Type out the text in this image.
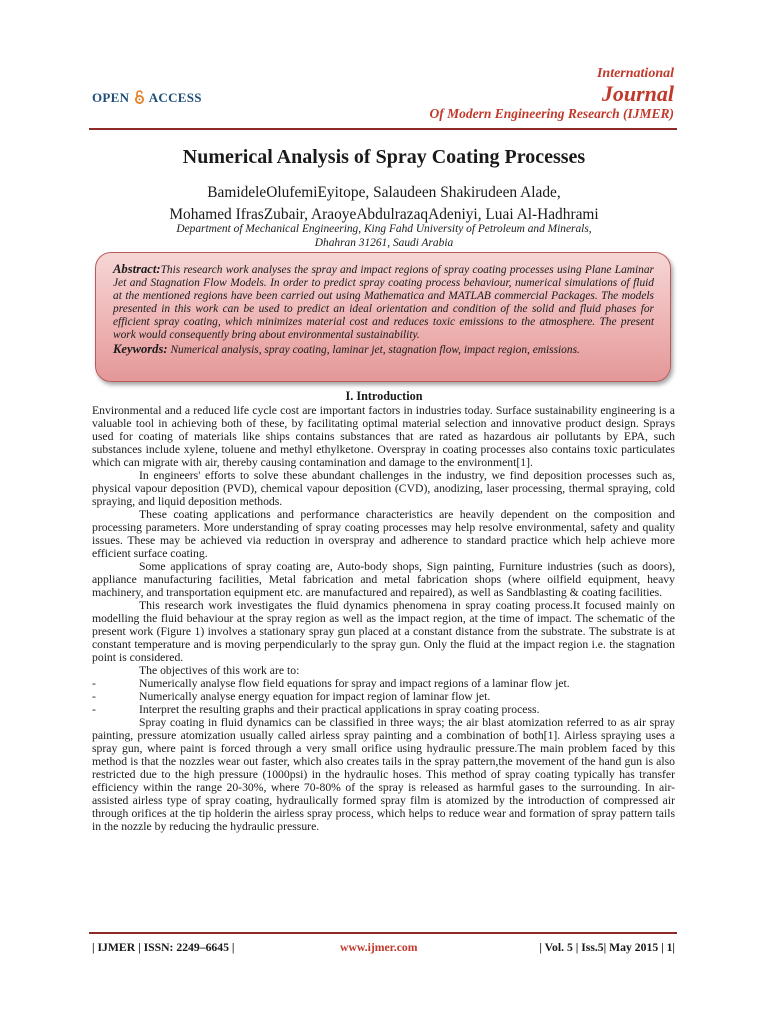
OPEN ACCESS
International
Journal
Of Modern Engineering Research (IJMER)
Numerical Analysis of Spray Coating Processes
BamideleOlufemiEyitope, Salaudeen Shakirudeen Alade,
Mohamed IfrasZubair, AraoyeAbdulrazaqAdeniyi, Luai Al-Hadhrami
Department of Mechanical Engineering, King Fahd University of Petroleum and Minerals,
Dhahran 31261, Saudi Arabia
Abstract:This research work analyses the spray and impact regions of spray coating processes using Plane Laminar Jet and Stagnation Flow Models. In order to predict spray coating process behaviour, numerical simulations of fluid at the mentioned regions have been carried out using Mathematica and MATLAB commercial Packages. The models presented in this work can be used to predict an ideal orientation and condition of the solid and fluid phases for efficient spray coating, which minimizes material cost and reduces toxic emissions to the atmosphere. The present work would consequently bring about environmental sustainability.
Keywords: Numerical analysis, spray coating, laminar jet, stagnation flow, impact region, emissions.
I. Introduction

Environmental and a reduced life cycle cost are important factors in industries today. Surface sustainability engineering is a valuable tool in achieving both of these, by facilitating optimal material selection and innovative product design. Sprays used for coating of materials like ships contains substances that are rated as hazardous air pollutants by EPA, such substances include xylene, toluene and methyl ethylketone. Overspray in coating processes also contains toxic particulates which can migrate with air, thereby causing contamination and damage to the environment[1].

In engineers' efforts to solve these abundant challenges in the industry, we find deposition processes such as, physical vapour deposition (PVD), chemical vapour deposition (CVD), anodizing, laser processing, thermal spraying, cold spraying, and liquid deposition methods.

These coating applications and performance characteristics are heavily dependent on the composition and processing parameters. More understanding of spray coating processes may help resolve environmental, safety and quality issues. These may be achieved via reduction in overspray and adherence to standard practice which help achieve more efficient surface coating.

Some applications of spray coating are, Auto-body shops, Sign painting, Furniture industries (such as doors), appliance manufacturing facilities, Metal fabrication and metal fabrication shops (where oilfield equipment, heavy machinery, and transportation equipment etc. are manufactured and repaired), as well as Sandblasting & coating facilities.

This research work investigates the fluid dynamics phenomena in spray coating process.It focused mainly on modelling the fluid behaviour at the spray region as well as the impact region, at the time of impact. The schematic of the present work (Figure 1) involves a stationary spray gun placed at a constant distance from the substrate. The substrate is at constant temperature and is moving perpendicularly to the spray gun. Only the fluid at the impact region i.e. the stagnation point is considered.

The objectives of this work are to:

-	Numerically analyse flow field equations for spray and impact regions of a laminar flow jet.
-	Numerically analyse energy equation for impact region of laminar flow jet.
-	Interpret the resulting graphs and their practical applications in spray coating process.

Spray coating in fluid dynamics can be classified in three ways; the air blast atomization referred to as air spray painting, pressure atomization usually called airless spray painting and a combination of both[1]. Airless spraying uses a spray gun, where paint is forced through a very small orifice using hydraulic pressure.The main problem faced by this method is that the nozzles wear out faster, which also creates tails in the spray pattern,the movement of the hand gun is also restricted due to the high pressure (1000psi) in the hydraulic hoses. This method of spray coating typically has transfer efficiency within the range 20-30%, where 70-80% of the spray is released as harmful gases to the surrounding. In air-assisted airless type of spray coating, hydraulically formed spray film is atomized by the introduction of compressed air through orifices at the tip holderin the airless spray process, which helps to reduce wear and formation of spray pattern tails in the nozzle by reducing the hydraulic pressure.

| IJMER | ISSN: 2249–6645 |	www.ijmer.com	| Vol. 5 | Iss.5| May 2015 | 1|
